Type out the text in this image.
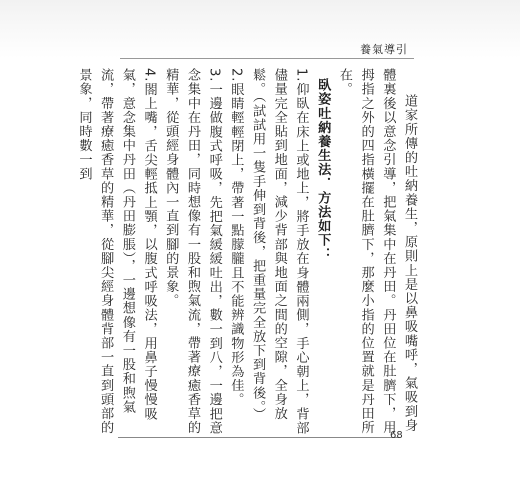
養氣導引

道家所傳的吐納養生，原則上是以鼻吸嘴呼，氣吸到身體裏後以意念引導，把氣集中在丹田。丹田位在肚臍下，用拇指之外的四指橫擺在肚臍下，那麼小指的位置就是丹田所在。

臥姿吐納養生法．方法如下：

1.仰臥在床上或地上，將手放在身體兩側，手心朝上，背部儘量完全貼到地面，減少背部與地面之間的空隙，全身放鬆。（試試用一隻手伸到背後，把重量完全放下到背後。）

2.眼睛輕輕閉上，帶著一點朦朧且不能辨識物形為佳。

3.一邊做腹式呼吸，先把氣緩緩吐出，數一到八，一邊把意念集中在丹田，同時想像有一股和煦氣流，帶著療癒香草的精華，從頭經身體內一直到腳的景象。

4.閤上嘴，舌尖輕抵上顎，以腹式呼吸法，用鼻子慢慢吸氣，意念集中丹田（丹田膨脹），一邊想像有一股和煦氣流，帶著療癒香草的精華，從腳尖經身體背部一直到頭部的景象，同時數一到

68
